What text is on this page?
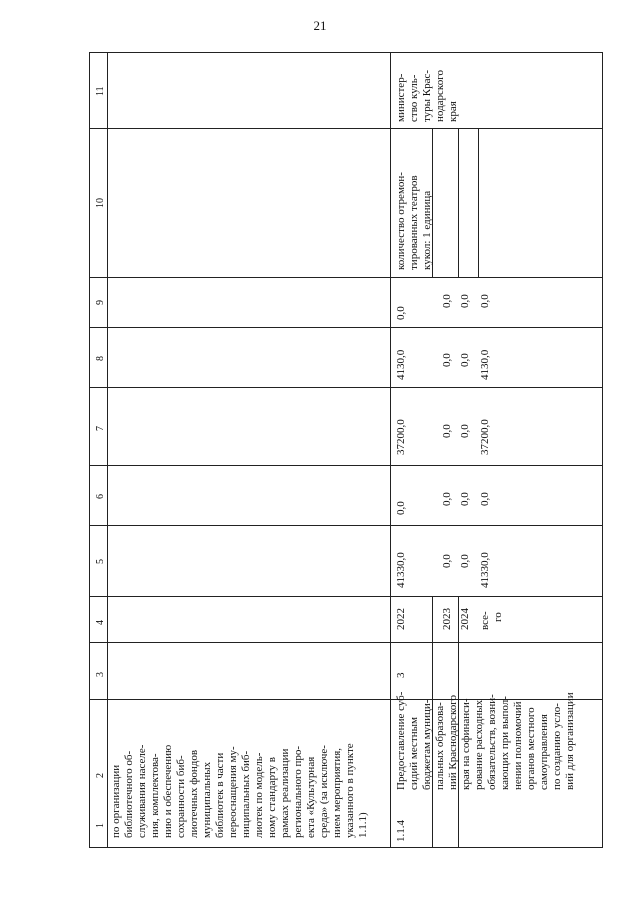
21
1
2
3
4
5
6
7
8
9
10
11
по организации библиотечного об- служивания населе- ния, комплектова- нию и обеспечению сохранности биб- лиотечных фондов муниципальных библиотек в части переоснащения му- ниципальных биб- лиотек по модель- ному стандарту в рамках реализации регионального про- екта «Культурная среда» (за исключе- нием мероприятия, указанного в пункте 1.1.1) 1.1.4
Предоставление суб- сидий местным бюджетам муници- пальных образова- ний Краснодарского края на софинанси- рование расходных обязательств, возни- кающих при выпол- нении полномочий органов местного самоуправления по созданию усло- вий для организации
3
2022	2023 2024 все- го
41330,0
0,0
37200,0
4130,0
0,0
0,0
0,0
0,0
0,0
0,0
0,0
0,0
0,0
0,0
0,0
41330,0
0,0
37200,0
4130,0
0,0
количество отремон- тированных театров кукол: 1 единица
министер- ство куль- туры Крас- нодарского края
